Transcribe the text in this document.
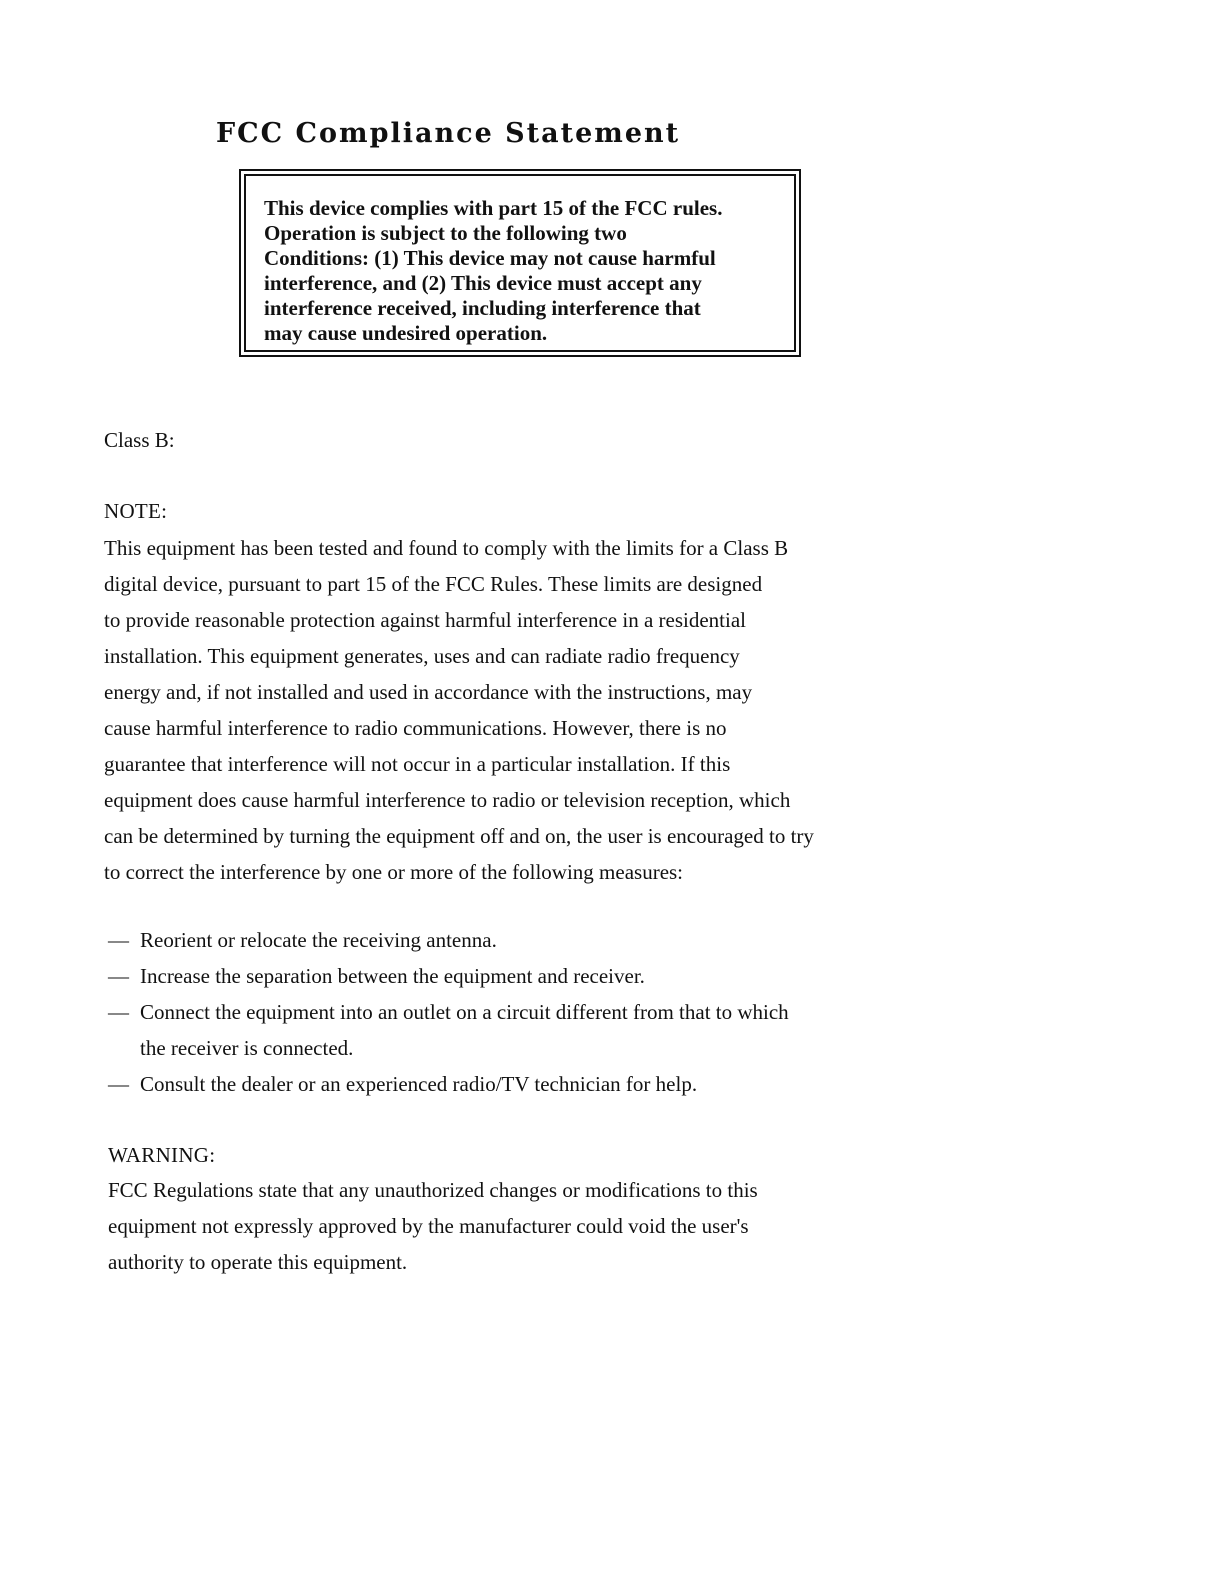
FCC Compliance Statement
This device complies with part 15 of the FCC rules.
Operation is subject to the following two
Conditions: (1) This device may not cause harmful
interference, and (2) This device must accept any
interference received, including interference that
may cause undesired operation.
Class B:
NOTE:
This equipment has been tested and found to comply with the limits for a Class B
digital device, pursuant to part 15 of the FCC Rules. These limits are designed
to provide reasonable protection against harmful interference in a residential
installation. This equipment generates, uses and can radiate radio frequency
energy and, if not installed and used in accordance with the instructions, may
cause harmful interference to radio communications. However, there is no
guarantee that interference will not occur in a particular installation. If this
equipment does cause harmful interference to radio or television reception, which
can be determined by turning the equipment off and on, the user is encouraged to try
to correct the interference by one or more of the following measures:
— Reorient or relocate the receiving antenna.
— Increase the separation between the equipment and receiver.
— Connect the equipment into an outlet on a circuit different from that to which
the receiver is connected.
— Consult the dealer or an experienced radio/TV technician for help.
WARNING:
FCC Regulations state that any unauthorized changes or modifications to this
equipment not expressly approved by the manufacturer could void the user's
authority to operate this equipment.
